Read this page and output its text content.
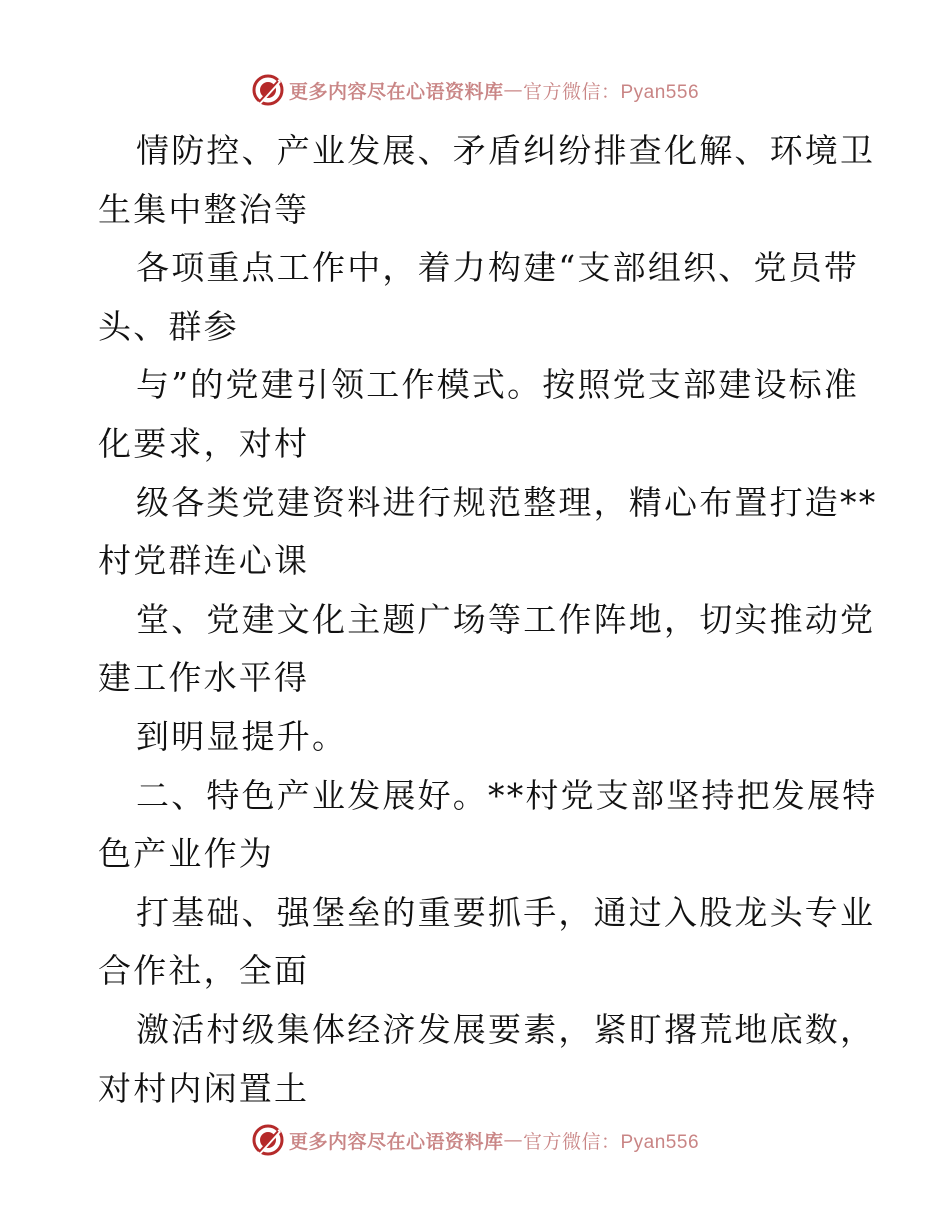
更多内容尽在心语资料库 — 官方微信：Pyan556
情防控、产业发展、矛盾纠纷排查化解、环境卫
生集中整治等
各项重点工作中，着力构建“支部组织、党员带
头、群参
与”的党建引领工作模式。按照党支部建设标准
化要求，对村
级各类党建资料进行规范整理，精心布置打造**
村党群连心课
堂、党建文化主题广场等工作阵地，切实推动党
建工作水平得
到明显提升。
二、特色产业发展好。**村党支部坚持把发展特
色产业作为
打基础、强堡垒的重要抓手，通过入股龙头专业
合作社，全面
激活村级集体经济发展要素，紧盯撂荒地底数，
对村内闲置土
更多内容尽在心语资料库 — 官方微信：Pyan556
